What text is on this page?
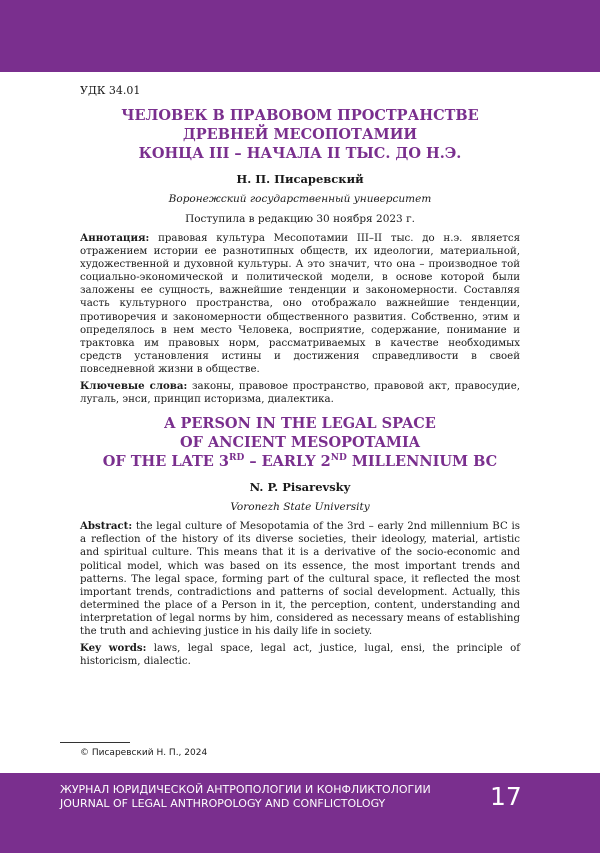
УДК 34.01
ЧЕЛОВЕК В ПРАВОВОМ ПРОСТРАНСТВЕ
ДРЕВНЕЙ МЕСОПОТАМИИ
КОНЦА III – НАЧАЛА II ТЫС. ДО Н.Э.
Н. П. Писаревский
Воронежский государственный университет
Поступила в редакцию 30 ноября 2023 г.

Аннотация: правовая культура Месопотамии III–II тыс. до н.э. является отражением истории ее разнотипных обществ, их идеологии, материальной, художественной и духовной культуры. А это значит, что она – производное той социально-экономической и политической модели, в основе которой были заложены ее сущность, важнейшие тенденции и закономерности. Составляя часть культурного пространства, оно отображало важнейшие тенденции, противоречия и закономерности общественного развития. Собственно, этим и определялось в нем место Человека, восприятие, содержание, понимание и трактовка им правовых норм, рассматриваемых в качестве необходимых средств установления истины и достижения справедливости в своей повседневной жизни в обществе.

Ключевые слова: законы, правовое пространство, правовой акт, правосудие, лугаль, энси, принцип историзма, диалектика.

A PERSON IN THE LEGAL SPACE
OF ANCIENT MESOPOTAMIA
OF THE LATE 3RD – EARLY 2ND MILLENNIUM BC
N. P. Pisarevsky
Voronezh State University

Abstract: the legal culture of Mesopotamia of the 3rd – early 2nd millennium BC is a reflection of the history of its diverse societies, their ideology, material, artistic and spiritual culture. This means that it is a derivative of the socio-economic and political model, which was based on its essence, the most important trends and patterns. The legal space, forming part of the cultural space, it reflected the most important trends, contradictions and patterns of social development. Actually, this determined the place of a Person in it, the perception, content, understanding and interpretation of legal norms by him, considered as necessary means of establishing the truth and achieving justice in his daily life in society.

Key words: laws, legal space, legal act, justice, lugal, ensi, the principle of historicism, dialectic.

© Писаревский Н. П., 2024
ЖУРНАЛ ЮРИДИЧЕСКОЙ АНТРОПОЛОГИИ И КОНФЛИКТОЛОГИИ
JOURNAL OF LEGAL ANTHROPOLOGY AND CONFLICTOLOGY	17
